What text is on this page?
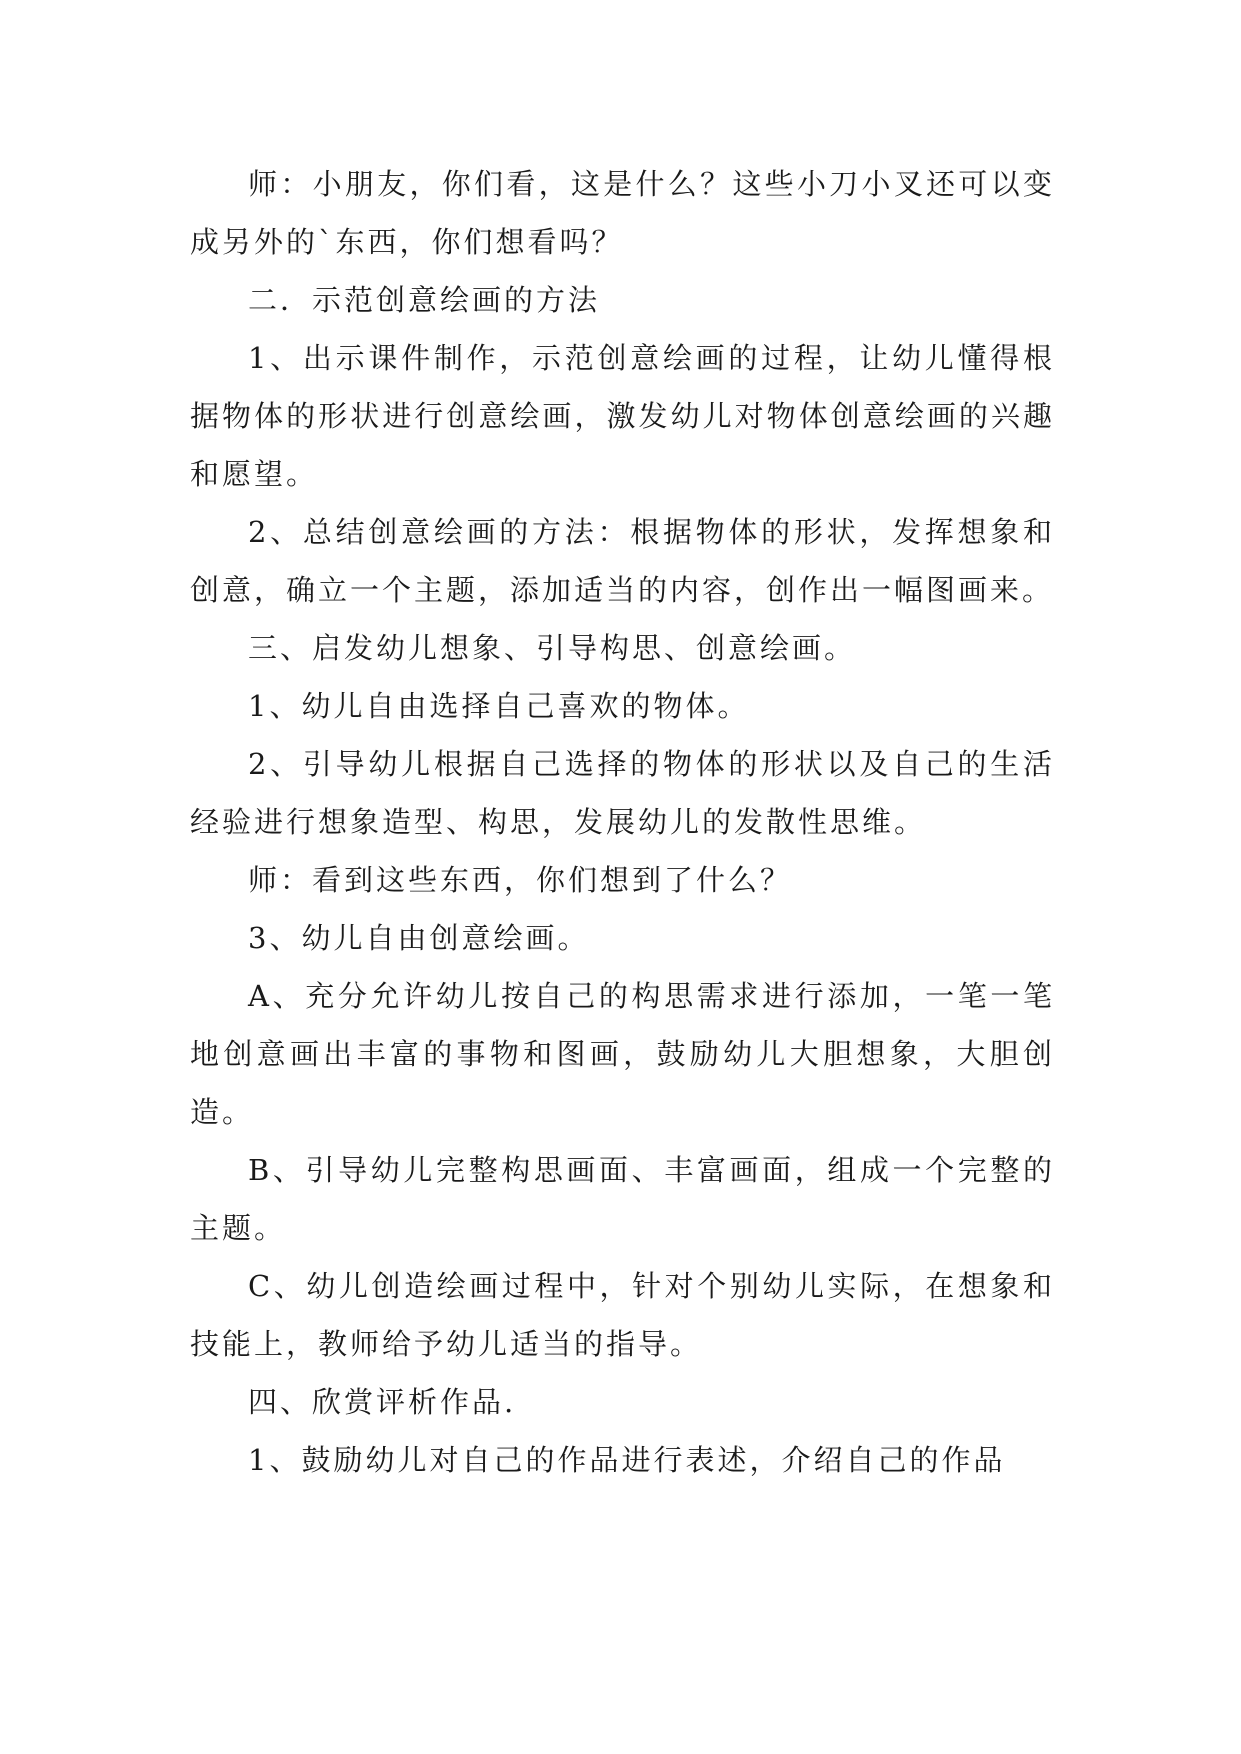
师：小朋友，你们看，这是什么？这些小刀小叉还可以变成另外的`东西，你们想看吗？

二．示范创意绘画的方法

1、出示课件制作，示范创意绘画的过程，让幼儿懂得根据物体的形状进行创意绘画，激发幼儿对物体创意绘画的兴趣和愿望。

2、总结创意绘画的方法：根据物体的形状，发挥想象和创意，确立一个主题，添加适当的内容，创作出一幅图画来。

三、启发幼儿想象、引导构思、创意绘画。

1、幼儿自由选择自己喜欢的物体。

2、引导幼儿根据自己选择的物体的形状以及自己的生活经验进行想象造型、构思，发展幼儿的发散性思维。

师：看到这些东西，你们想到了什么？

3、幼儿自由创意绘画。

A、充分允许幼儿按自己的构思需求进行添加，一笔一笔地创意画出丰富的事物和图画，鼓励幼儿大胆想象，大胆创造。

B、引导幼儿完整构思画面、丰富画面，组成一个完整的主题。

C、幼儿创造绘画过程中，针对个别幼儿实际，在想象和技能上，教师给予幼儿适当的指导。

四、欣赏评析作品.

1、鼓励幼儿对自己的作品进行表述，介绍自己的作品
